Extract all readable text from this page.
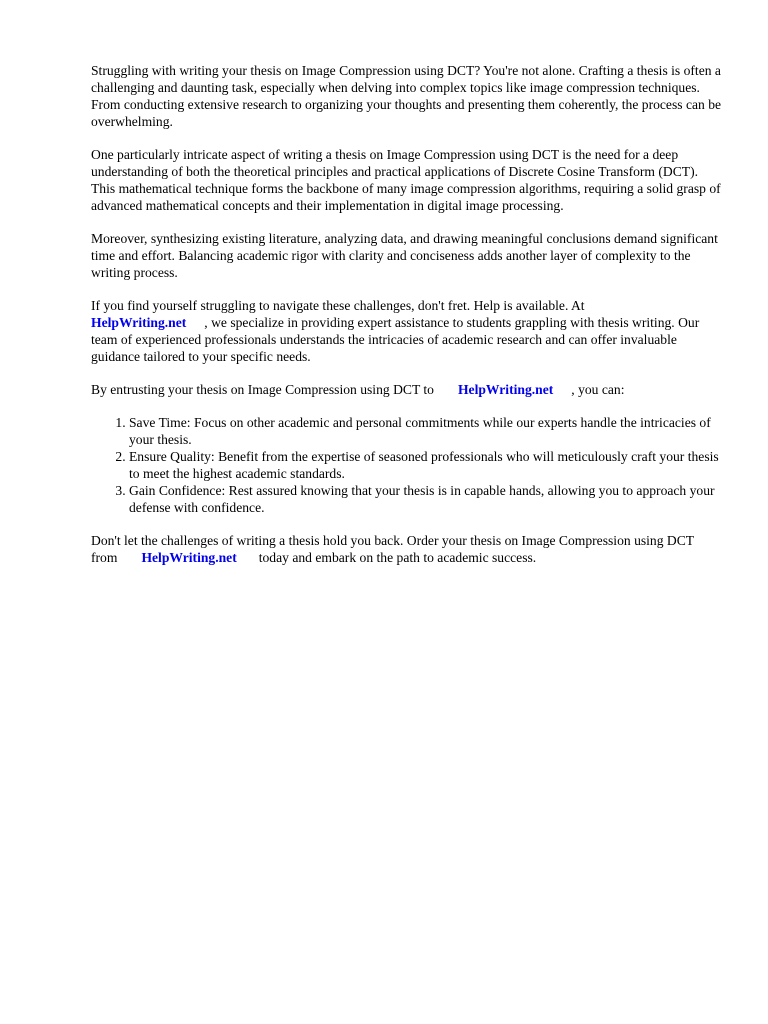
Struggling with writing your thesis on Image Compression using DCT? You're not alone. Crafting a thesis is often a challenging and daunting task, especially when delving into complex topics like image compression techniques. From conducting extensive research to organizing your thoughts and presenting them coherently, the process can be overwhelming.

One particularly intricate aspect of writing a thesis on Image Compression using DCT is the need for a deep understanding of both the theoretical principles and practical applications of Discrete Cosine Transform (DCT). This mathematical technique forms the backbone of many image compression algorithms, requiring a solid grasp of advanced mathematical concepts and their implementation in digital image processing.

Moreover, synthesizing existing literature, analyzing data, and drawing meaningful conclusions demand significant time and effort. Balancing academic rigor with clarity and conciseness adds another layer of complexity to the writing process.

If you find yourself struggling to navigate these challenges, don't fret. Help is available. At
HelpWriting.net , we specialize in providing expert assistance to students grappling with thesis writing. Our team of experienced professionals understands the intricacies of academic research and can offer invaluable guidance tailored to your specific needs.

By entrusting your thesis on Image Compression using DCT to HelpWriting.net , you can:

1. Save Time: Focus on other academic and personal commitments while our experts handle the intricacies of your thesis.
2. Ensure Quality: Benefit from the expertise of seasoned professionals who will meticulously craft your thesis to meet the highest academic standards.
3. Gain Confidence: Rest assured knowing that your thesis is in capable hands, allowing you to approach your defense with confidence.

Don't let the challenges of writing a thesis hold you back. Order your thesis on Image Compression using DCT from HelpWriting.net today and embark on the path to academic success.
